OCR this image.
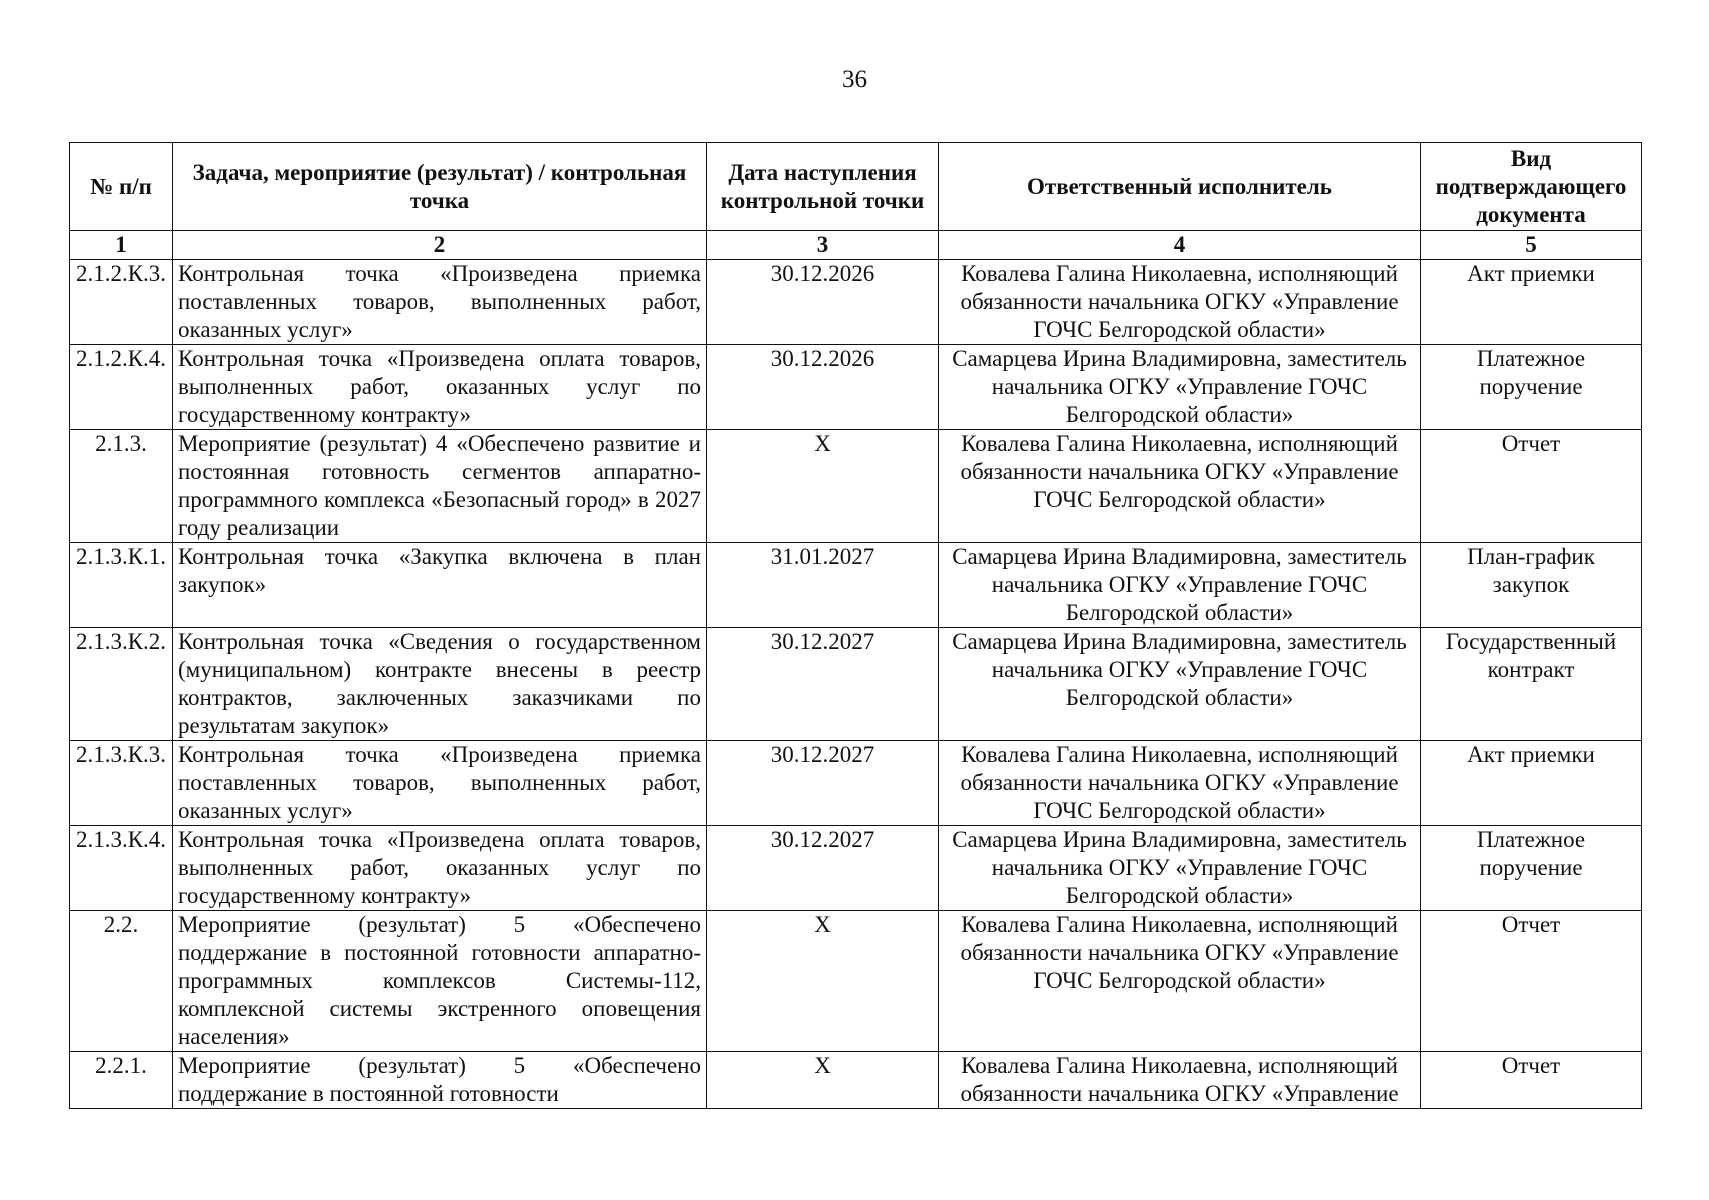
36
№ п/п	Задача, мероприятие (результат) / контрольная точка	Дата наступления контрольной точки	Ответственный исполнитель	Вид подтверждающего документа
1	2	3	4	5
2.1.2.К.3.	Контрольная точка «Произведена приемка поставленных товаров, выполненных работ, оказанных услуг»	30.12.2026	Ковалева Галина Николаевна, исполняющий обязанности начальника ОГКУ «Управление ГОЧС Белгородской области»	Акт приемки
2.1.2.К.4.	Контрольная точка «Произведена оплата товаров, выполненных работ, оказанных услуг по государственному контракту»	30.12.2026	Самарцева Ирина Владимировна, заместитель начальника ОГКУ «Управление ГОЧС Белгородской области»	Платежное поручение
2.1.3.	Мероприятие (результат) 4 «Обеспечено развитие и постоянная готовность сегментов аппаратно-программного комплекса «Безопасный город» в 2027 году реализации	Х	Ковалева Галина Николаевна, исполняющий обязанности начальника ОГКУ «Управление ГОЧС Белгородской области»	Отчет
2.1.3.К.1.	Контрольная точка «Закупка включена в план закупок»	31.01.2027	Самарцева Ирина Владимировна, заместитель начальника ОГКУ «Управление ГОЧС Белгородской области»	План-график закупок
2.1.3.К.2.	Контрольная точка «Сведения о государственном (муниципальном) контракте внесены в реестр контрактов, заключенных заказчиками по результатам закупок»	30.12.2027	Самарцева Ирина Владимировна, заместитель начальника ОГКУ «Управление ГОЧС Белгородской области»	Государственный контракт
2.1.3.К.3.	Контрольная точка «Произведена приемка поставленных товаров, выполненных работ, оказанных услуг»	30.12.2027	Ковалева Галина Николаевна, исполняющий обязанности начальника ОГКУ «Управление ГОЧС Белгородской области»	Акт приемки
2.1.3.К.4.	Контрольная точка «Произведена оплата товаров, выполненных работ, оказанных услуг по государственному контракту»	30.12.2027	Самарцева Ирина Владимировна, заместитель начальника ОГКУ «Управление ГОЧС Белгородской области»	Платежное поручение
2.2.	Мероприятие (результат) 5 «Обеспечено поддержание в постоянной готовности аппаратно-программных комплексов Системы-112, комплексной системы экстренного оповещения населения»	Х	Ковалева Галина Николаевна, исполняющий обязанности начальника ОГКУ «Управление ГОЧС Белгородской области»	Отчет
2.2.1.	Мероприятие (результат) 5 «Обеспечено поддержание в постоянной готовности	Х	Ковалева Галина Николаевна, исполняющий обязанности начальника ОГКУ «Управление	Отчет
